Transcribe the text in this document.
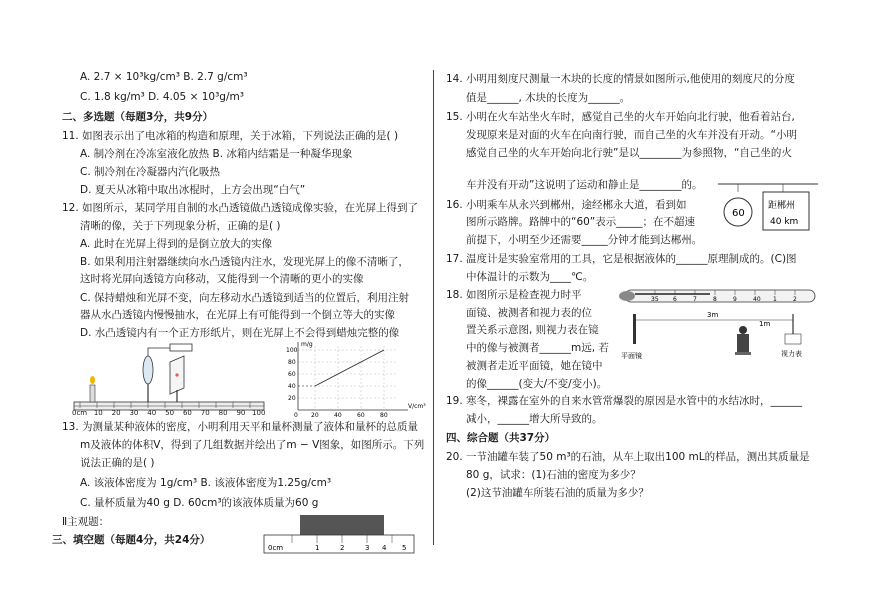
A. 2.7 × 10³kg/cm³ B. 2.7 g/cm³
C. 1.8 kg/m³ D. 4.05 × 10³g/m³
二、多选题（每题3分，共9分）
11. 如图表示出了电冰箱的构造和原理，关于冰箱，下列说法正确的是( )
A. 制冷剂在冷冻室液化放热 B. 冰箱内结霜是一种凝华现象
C. 制冷剂在冷凝器内汽化吸热
D. 夏天从冰箱中取出冰棍时，上方会出现“白气”
12. 如图所示，某同学用自制的水凸透镜做凸透镜成像实验，在光屏上得到了
清晰的像，关于下列现象分析，正确的是( )
A. 此时在光屏上得到的是倒立放大的实像
B. 如果利用注射器继续向水凸透镜内注水，发现光屏上的像不清晰了，
这时将光屏向透镜方向移动，又能得到一个清晰的更小的实像
C. 保持蜡烛和光屏不变，向左移动水凸透镜到适当的位置后，利用注射
器从水凸透镜内慢慢抽水，在光屏上有可能得到一个倒立等大的实像
D. 水凸透镜内有一个正方形纸片，则在光屏上不会得到蜡烛完整的像
0cm 10 20 30 40 50 60 70 80 90 100
m/g
V/cm³
100
80
60
40
20
0 20	40	60	80
13. 为测量某种液体的密度，小明利用天平和量杯测量了液体和量杯的总质量
m及液体的体积V，得到了几组数据并绘出了m − V图象，如图所示。下列
说法正确的是( )
A. 该液体密度为 1g/cm³ B. 该液体密度为1.25g/cm³
C. 量杯质量为40 g D. 60cm³的该液体质量为60 g
Ⅱ主观题：
三、填空题（每题4分，共24分）
0cm	1	2	3 4 5
14. 小明用刻度尺测量一木块的长度的情景如图所示,他使用的刻度尺的分度
值是______, 木块的长度为______。
15. 小明在火车站坐火车时，感觉自己坐的火车开始向北行驶，他看着站台,
发现原来是对面的火车在向南行驶，而自己坐的火车并没有开动。“小明
感觉自己坐的火车开始向北行驶”是以________为参照物，“自己坐的火
车并没有开动”这说明了运动和静止是________的。
16. 小明乘车从永兴到郴州，途经郴永大道，看到如
图所示路牌。路牌中的“60”表示_____；在不超速
前提下，小明至少还需要_____分钟才能到达郴州。
60
距郴州
40 km
17. 温度计是实验室常用的工具，它是根据液体的______原理制成的。(C)图
中体温计的示数为____℃。
35 6	7	8	9	40 1	2
18. 如图所示是检查视力时平
面镜、被测者和视力表的位
置关系示意图, 则视力表在镜
中的像与被测者______m远, 若
被测者走近平面镜，她在镜中
的像______(变大/不变/变小)。
3m
1m
平面镜	视力表
19. 寒冬，裸露在室外的自来水管常爆裂的原因是水管中的水结冰时，______
减小，______增大所导致的。
四、综合题（共37分）
20. 一节油罐车装了50 m³的石油，从车上取出100 mL的样品，测出其质量是
80 g，试求：(1)石油的密度为多少？
(2)这节油罐车所装石油的质量为多少？
